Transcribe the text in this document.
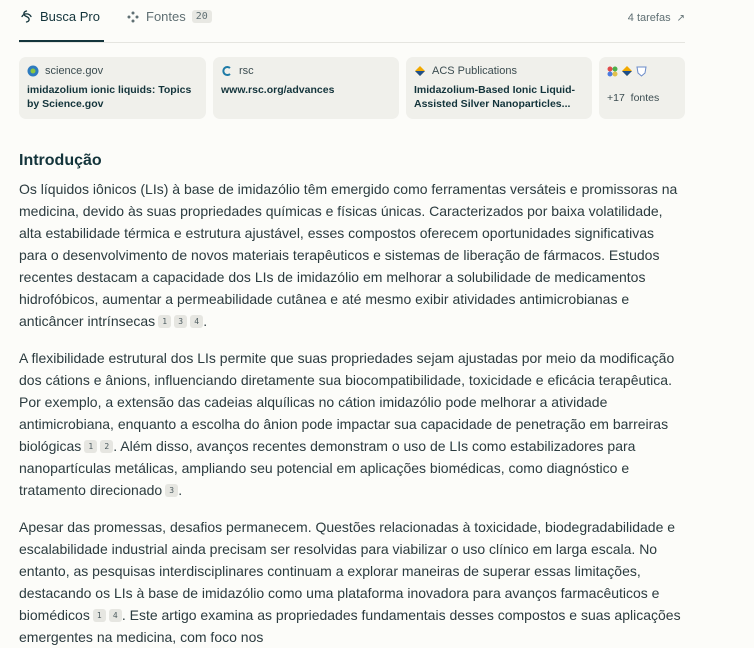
Busca Pro	Fontes	20	4 tarefas ↗
science.gov
imidazolium ionic liquids: Topics by Science.gov
rsc
www.rsc.org/advances
ACS Publications
Imidazolium-Based Ionic Liquid-Assisted Silver Nanoparticles...	+17 fontes
Introdução

Os líquidos iônicos (LIs) à base de imidazólio têm emergido como ferramentas versáteis e promissoras na medicina, devido às suas propriedades químicas e físicas únicas. Caracterizados por baixa volatilidade, alta estabilidade térmica e estrutura ajustável, esses compostos oferecem oportunidades significativas para o desenvolvimento de novos materiais terapêuticos e sistemas de liberação de fármacos. Estudos recentes destacam a capacidade dos LIs de imidazólio em melhorar a solubilidade de medicamentos hidrofóbicos, aumentar a permeabilidade cutânea e até mesmo exibir atividades antimicrobianas e anticâncer intrínsecas 1 3 4 .

A flexibilidade estrutural dos LIs permite que suas propriedades sejam ajustadas por meio da modificação dos cátions e ânions, influenciando diretamente sua biocompatibilidade, toxicidade e eficácia terapêutica. Por exemplo, a extensão das cadeias alquílicas no cátion imidazólio pode melhorar a atividade antimicrobiana, enquanto a escolha do ânion pode impactar sua capacidade de penetração em barreiras biológicas 1 2 . Além disso, avanços recentes demonstram o uso de LIs como estabilizadores para nanopartículas metálicas, ampliando seu potencial em aplicações biomédicas, como diagnóstico e tratamento direcionado 3 .

Apesar das promessas, desafios permanecem. Questões relacionadas à toxicidade, biodegradabilidade e escalabilidade industrial ainda precisam ser resolvidas para viabilizar o uso clínico em larga escala. No entanto, as pesquisas interdisciplinares continuam a explorar maneiras de superar essas limitações, destacando os LIs à base de imidazólio como uma plataforma inovadora para avanços farmacêuticos e biomédicos 1 4 . Este artigo examina as propriedades fundamentais desses compostos e suas aplicações emergentes na medicina, com foco nos
